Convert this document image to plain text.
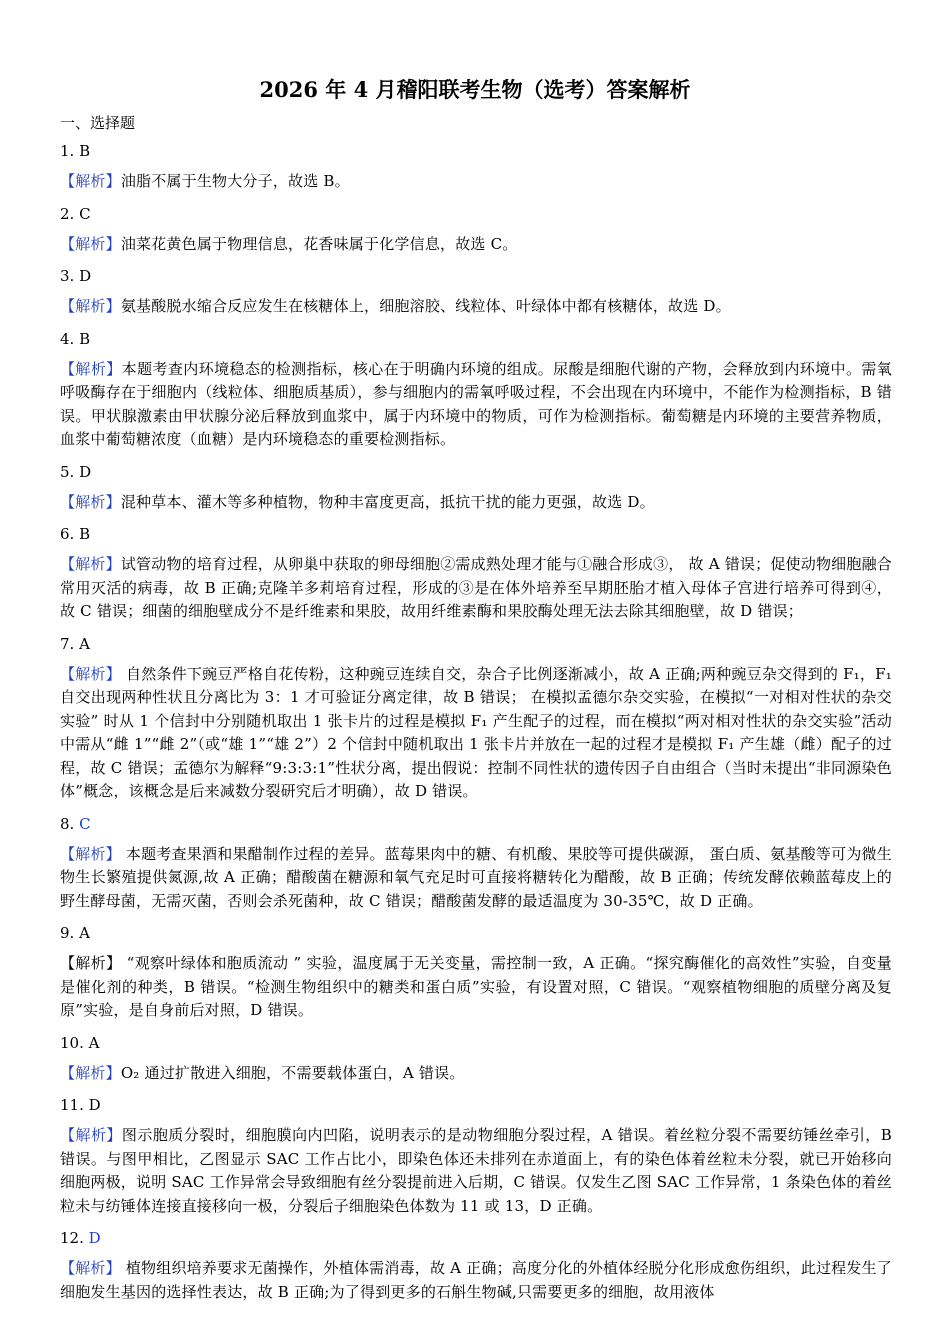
2026 年 4 月稽阳联考生物（选考）答案解析
一、选择题
1. B
【解析】油脂不属于生物大分子，故选 B。
2. C
【解析】油菜花黄色属于物理信息，花香味属于化学信息，故选 C。
3. D
【解析】氨基酸脱水缩合反应发生在核糖体上，细胞溶胶、线粒体、叶绿体中都有核糖体，故选 D。
4. B
【解析】本题考查内环境稳态的检测指标，核心在于明确内环境的组成。尿酸是细胞代谢的产物，会释放到内环境中。需氧呼吸酶存在于细胞内（线粒体、细胞质基质），参与细胞内的需氧呼吸过程，不会出现在内环境中，不能作为检测指标，B 错误。甲状腺激素由甲状腺分泌后释放到血浆中，属于内环境中的物质，可作为检测指标。葡萄糖是内环境的主要营养物质，血浆中葡萄糖浓度（血糖）是内环境稳态的重要检测指标。
5. D
【解析】混种草本、灌木等多种植物，物种丰富度更高，抵抗干扰的能力更强，故选 D。
6. B
【解析】试管动物的培育过程，从卵巢中获取的卵母细胞②需成熟处理才能与①融合形成③， 故 A 错误；促使动物细胞融合常用灭活的病毒，故 B 正确;克隆羊多莉培育过程，形成的③是在体外培养至早期胚胎才植入母体子宫进行培养可得到④， 故 C 错误；细菌的细胞壁成分不是纤维素和果胶，故用纤维素酶和果胶酶处理无法去除其细胞壁，故 D 错误；
7. A
【解析】 自然条件下豌豆严格自花传粉，这种豌豆连续自交，杂合子比例逐渐减小，故 A 正确;两种豌豆杂交得到的 F₁，F₁ 自交出现两种性状且分离比为 3：1 才可验证分离定律，故 B 错误； 在模拟孟德尔杂交实验，在模拟“一对相对性状的杂交实验” 时从 1 个信封中分别随机取出 1 张卡片的过程是模拟 F₁ 产生配子的过程，而在模拟“两对相对性状的杂交实验”活动中需从“雌 1”“雌 2”（或“雄 1”“雄 2”）2 个信封中随机取出 1 张卡片并放在一起的过程才是模拟 F₁ 产生雄（雌）配子的过程，故 C 错误；孟德尔为解释“9:3:3:1”性状分离，提出假说：控制不同性状的遗传因子自由组合（当时未提出“非同源染色体”概念，该概念是后来减数分裂研究后才明确），故 D 错误。
8. C
【解析】 本题考查果酒和果醋制作过程的差异。蓝莓果肉中的糖、有机酸、果胶等可提供碳源， 蛋白质、氨基酸等可为微生物生长繁殖提供氮源,故 A 正确；醋酸菌在糖源和氧气充足时可直接将糖转化为醋酸，故 B 正确；传统发酵依赖蓝莓皮上的野生酵母菌，无需灭菌，否则会杀死菌种，故 C 错误；醋酸菌发酵的最适温度为 30-35℃，故 D 正确。
9. A
【解析】 “观察叶绿体和胞质流动 ” 实验，温度属于无关变量，需控制一致，A 正确。“探究酶催化的高效性”实验，自变量是催化剂的种类，B 错误。“检测生物组织中的糖类和蛋白质”实验，有设置对照，C 错误。“观察植物细胞的质壁分离及复原”实验，是自身前后对照，D 错误。
10. A
【解析】O₂ 通过扩散进入细胞，不需要载体蛋白，A 错误。
11. D
【解析】图示胞质分裂时，细胞膜向内凹陷，说明表示的是动物细胞分裂过程，A 错误。着丝粒分裂不需要纺锤丝牵引，B 错误。与图甲相比，乙图显示 SAC 工作占比小，即染色体还未排列在赤道面上，有的染色体着丝粒未分裂，就已开始移向细胞两极，说明 SAC 工作异常会导致细胞有丝分裂提前进入后期，C 错误。仅发生乙图 SAC 工作异常，1 条染色体的着丝粒未与纺锤体连接直接移向一极，分裂后子细胞染色体数为 11 或 13，D 正确。
12. D
【解析】 植物组织培养要求无菌操作，外植体需消毒，故 A 正确；高度分化的外植体经脱分化形成愈伤组织，此过程发生了细胞发生基因的选择性表达，故 B 正确;为了得到更多的石斛生物碱,只需要更多的细胞，故用液体
